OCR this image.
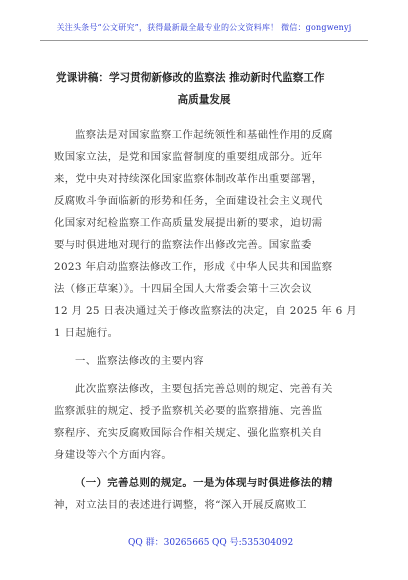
关注头条号“公文研究”，获得最新最全最专业的公文资料库！ 微信：gongwenyj
党课讲稿：学习贯彻新修改的监察法 推动新时代监察工作
高质量发展
监察法是对国家监察工作起统领性和基础性作用的反腐
败国家立法，是党和国家监督制度的重要组成部分。近年
来，党中央对持续深化国家监察体制改革作出重要部署，
反腐败斗争面临新的形势和任务，全面建设社会主义现代
化国家对纪检监察工作高质量发展提出新的要求，迫切需
要与时俱进地对现行的监察法作出修改完善。国家监委
2023 年启动监察法修改工作，形成《中华人民共和国监察
法（修正草案）》。十四届全国人大常委会第十三次会议
12 月 25 日表决通过关于修改监察法的决定，自 2025 年 6 月
1 日起施行。
一、监察法修改的主要内容
此次监察法修改，主要包括完善总则的规定、完善有关
监察派驻的规定、授予监察机关必要的监察措施、完善监
察程序、充实反腐败国际合作相关规定、强化监察机关自
身建设等六个方面内容。
（一）完善总则的规定。一是为体现与时俱进修法的精
神，对立法目的表述进行调整，将“深入开展反腐败工
QQ 群：30265665 QQ 号:535304092
